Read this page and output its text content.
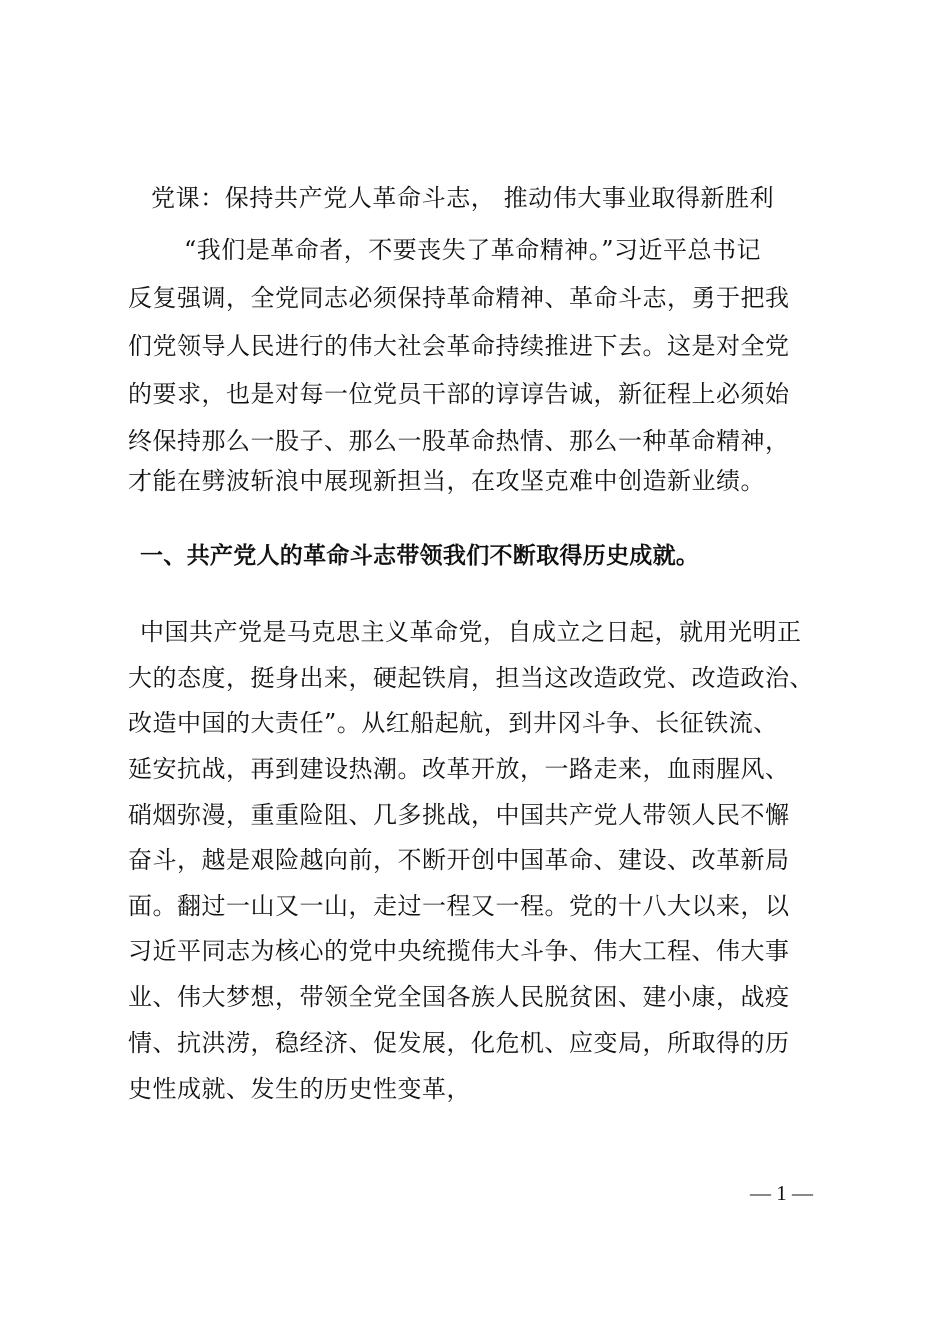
党课：保持共产党人革命斗志， 推动伟大事业取得新胜利
“我们是革命者，不要丧失了革命精神。”习近平总书记
反复强调，全党同志必须保持革命精神、革命斗志，勇于把我
们党领导人民进行的伟大社会革命持续推进下去。这是对全党
的要求，也是对每一位党员干部的谆谆告诚，新征程上必须始
终保持那么一股子、那么一股革命热情、那么一种革命精神，
才能在劈波斩浪中展现新担当，在攻坚克难中创造新业绩。
一、共产党人的革命斗志带领我们不断取得历史成就。
中国共产党是马克思主义革命党，自成立之日起，就用光明正
大的态度，挺身出来，硬起铁肩，担当这改造政党、改造政治、
改造中国的大责任”。从红船起航，到井冈斗争、长征铁流、
延安抗战，再到建设热潮。改革开放，一路走来，血雨腥风、
硝烟弥漫，重重险阻、几多挑战，中国共产党人带领人民不懈
奋斗，越是艰险越向前，不断开创中国革命、建设、改革新局
面。翻过一山又一山，走过一程又一程。党的十八大以来，以
习近平同志为核心的党中央统揽伟大斗争、伟大工程、伟大事
业、伟大梦想，带领全党全国各族人民脱贫困、建小康，战疫
情、抗洪涝，稳经济、促发展，化危机、应变局，所取得的历
史性成就、发生的历史性变革，
— 1 —
